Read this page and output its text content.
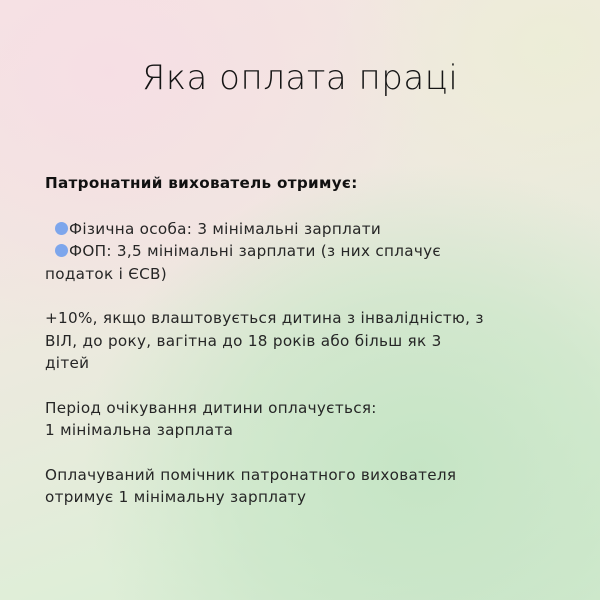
Яка оплата праці
Патронатний вихователь отримує:
Фізична особа: 3 мінімальні зарплати
ФОП: 3,5 мінімальні зарплати (з них сплачує
податок і ЄСВ)
+10%, якщо влаштовується дитина з інвалідністю, з
ВІЛ, до року, вагітна до 18 років або більш як 3
дітей
Період очікування дитини оплачується:
1 мінімальна зарплата
Оплачуваний помічник патронатного вихователя
отримує 1 мінімальну зарплату
